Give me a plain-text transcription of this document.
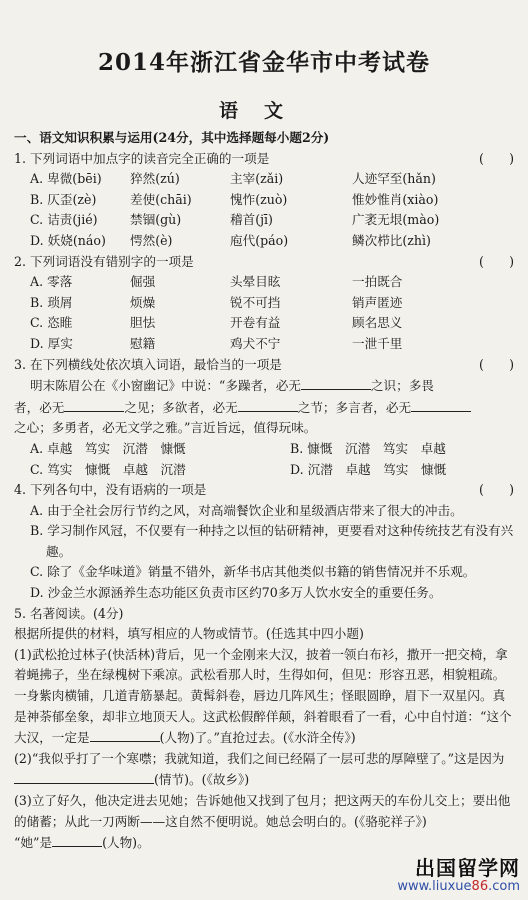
2014年浙江省金华市中考试卷
语文
一、语文知识积累与运用(24分，其中选择题每小题2分)
1. 下列词语中加点字的读音完全正确的一项是	(　　)
A. 卑微(bēi)	猝然(zú)	主宰(zǎi)	人迹罕至(hǎn)
B. 仄歪(zè)	差使(chāi)	愧怍(zuò)	惟妙惟肖(xiào)
C. 诘责(jié)	禁锢(gù)	稽首(jī)	广袤无垠(mào)
D. 妖娆(náo)	愕然(è)	庖代(páo)	鳞次栉比(zhì)
2. 下列词语没有错别字的一项是	(　　)
A. 零落	倔强	头晕目眩	一拍既合
B. 琐屑	烦燥	锐不可挡	销声匿迹
C. 恣睢	胆怯	开卷有益	顾名思义
D. 厚实	慰籍	鸡犬不宁	一泄千里
3. 在下列横线处依次填入词语，最恰当的一项是	(　　)
明末陈眉公在《小窗幽记》中说：“多躁者，必无	之识；多畏
者，必无	之见；多欲者，必无	之节；多言者，必无
之心；多勇者，必无文学之雅。”言近旨远，值得玩味。
A. 卓越　笃实　沉潜　慷慨	B. 慷慨　沉潜　笃实　卓越
C. 笃实　慷慨　卓越　沉潜	D. 沉潜　卓越　笃实　慷慨
4. 下列各句中，没有语病的一项是	(　　)
A. 由于全社会厉行节约之风，对高端餐饮企业和星级酒店带来了很大的冲击。
B. 学习制作风冠，不仅要有一种持之以恒的钻研精神，更要看对这种传统技艺有没有兴趣。
C. 除了《金华味道》销量不错外，新华书店其他类似书籍的销售情况并不乐观。
D. 沙金兰水源涵养生态功能区负责市区约70多万人饮水安全的重要任务。
5. 名著阅读。(4分)
根据所提供的材料，填写相应的人物或情节。(任选其中四小题)
(1)武松抢过林子(快活林)背后，见一个金刚来大汉，披着一领白布衫，撒开一把交椅，拿着蝇拂子，坐在绿槐树下乘凉。武松看那人时，生得如何，但见：形容丑恶，相貌粗疏。一身紫肉横铺，几道青筋暴起。黄髯斜卷，唇边几阵风生；怪眼圆睁，眉下一双星闪。真是神荼郁垒象，却非立地顶天人。这武松假醉佯颠，斜着眼看了一看，心中自忖道：“这个大汉，一定是	(人物)了。”直抢过去。(《水浒全传》)
(2)“我似乎打了一个寒噤；我就知道，我们之间已经隔了一层可悲的厚障壁了。”这是因为(情节)。(《故乡》)
(3)立了好久，他决定进去见她；告诉她他又找到了包月；把这两天的车份儿交上；要出他的储蓄；从此一刀两断——这自然不便明说。她总会明白的。(《骆驼祥子》)
“她”是	(人物)。
出国留学网
www.liuxue86.com
